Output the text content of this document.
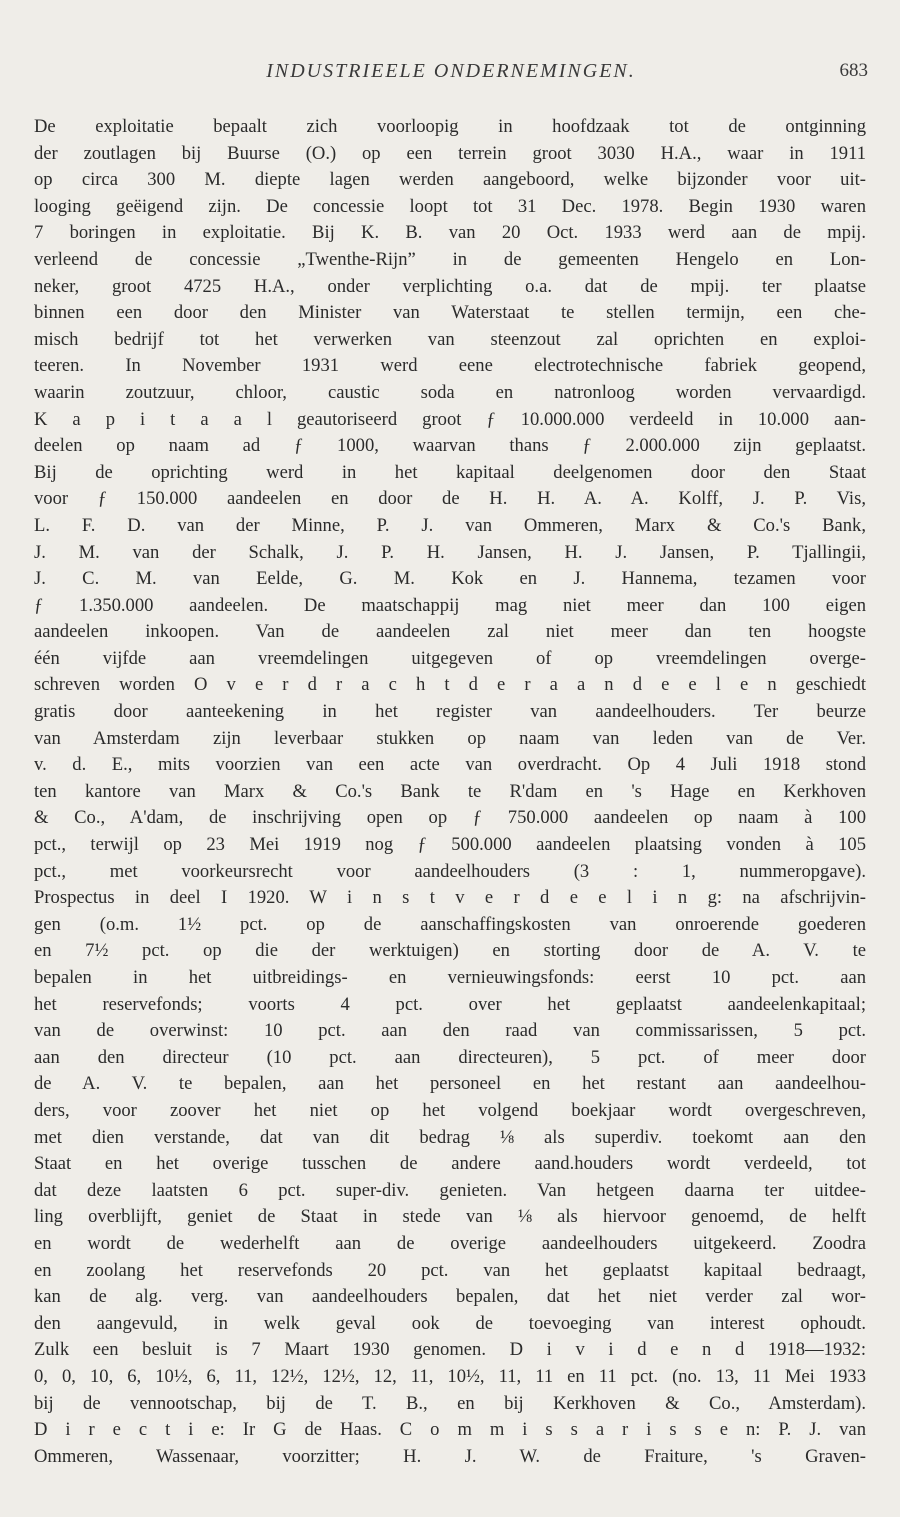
INDUSTRIEELE ONDERNEMINGEN.	683
De exploitatie bepaalt zich voorloopig in hoofdzaak tot de ontginning
der zoutlagen bij Buurse (O.) op een terrein groot 3030 H.A., waar in 1911
op circa 300 M. diepte lagen werden aangeboord, welke bijzonder voor uit-
looging geëigend zijn. De concessie loopt tot 31 Dec. 1978. Begin 1930 waren
7 boringen in exploitatie. Bij K. B. van 20 Oct. 1933 werd aan de mpij.
verleend de concessie „Twenthe-Rijn” in de gemeenten Hengelo en Lon-
neker, groot 4725 H.A., onder verplichting o.a. dat de mpij. ter plaatse
binnen een door den Minister van Waterstaat te stellen termijn, een che-
misch bedrijf tot het verwerken van steenzout zal oprichten en exploi-
teeren. In November 1931 werd eene electrotechnische fabriek geopend,
waarin zoutzuur, chloor, caustic soda en natronloog worden vervaardigd.
K a p i t a a l geautoriseerd groot ƒ 10.000.000 verdeeld in 10.000 aan-
deelen op naam ad ƒ 1000, waarvan thans ƒ 2.000.000 zijn geplaatst.
Bij de oprichting werd in het kapitaal deelgenomen door den Staat
voor ƒ 150.000 aandeelen en door de H. H. A. A. Kolff, J. P. Vis,
L. F. D. van der Minne, P. J. van Ommeren, Marx & Co.'s Bank,
J. M. van der Schalk, J. P. H. Jansen, H. J. Jansen, P. Tjallingii,
J. C. M. van Eelde, G. M. Kok en J. Hannema, tezamen voor
ƒ 1.350.000 aandeelen. De maatschappij mag niet meer dan 100 eigen
aandeelen inkoopen. Van de aandeelen zal niet meer dan ten hoogste
één vijfde aan vreemdelingen uitgegeven of op vreemdelingen overge-
schreven worden O v e r d r a c h t d e r a a n d e e l e n geschiedt
gratis door aanteekening in het register van aandeelhouders. Ter beurze
van Amsterdam zijn leverbaar stukken op naam van leden van de Ver.
v. d. E., mits voorzien van een acte van overdracht. Op 4 Juli 1918 stond
ten kantore van Marx & Co.'s Bank te R'dam en 's Hage en Kerkhoven
& Co., A'dam, de inschrijving open op ƒ 750.000 aandeelen op naam à 100
pct., terwijl op 23 Mei 1919 nog ƒ 500.000 aandeelen plaatsing vonden à 105
pct., met voorkeursrecht voor aandeelhouders (3 : 1, nummeropgave).
Prospectus in deel I 1920. W i n s t v e r d e e l i n g: na afschrijvin-
gen (o.m. 1½ pct. op de aanschaffingskosten van onroerende goederen
en 7½ pct. op die der werktuigen) en storting door de A. V. te
bepalen in het uitbreidings- en vernieuwingsfonds: eerst 10 pct. aan
het reservefonds; voorts 4 pct. over het geplaatst aandeelenkapitaal;
van de overwinst: 10 pct. aan den raad van commissarissen, 5 pct.
aan den directeur (10 pct. aan directeuren), 5 pct. of meer door
de A. V. te bepalen, aan het personeel en het restant aan aandeelhou-
ders, voor zoover het niet op het volgend boekjaar wordt overgeschreven,
met dien verstande, dat van dit bedrag ⅛ als superdiv. toekomt aan den
Staat en het overige tusschen de andere aand.houders wordt verdeeld, tot
dat deze laatsten 6 pct. super-div. genieten. Van hetgeen daarna ter uitdee-
ling overblijft, geniet de Staat in stede van ⅛ als hiervoor genoemd, de helft
en wordt de wederhelft aan de overige aandeelhouders uitgekeerd. Zoodra
en zoolang het reservefonds 20 pct. van het geplaatst kapitaal bedraagt,
kan de alg. verg. van aandeelhouders bepalen, dat het niet verder zal wor-
den aangevuld, in welk geval ook de toevoeging van interest ophoudt.
Zulk een besluit is 7 Maart 1930 genomen. D i v i d e n d 1918—1932:
0, 0, 10, 6, 10½, 6, 11, 12½, 12½, 12, 11, 10½, 11, 11 en 11 pct. (no. 13, 11 Mei 1933
bij de vennootschap, bij de T. B., en bij Kerkhoven & Co., Amsterdam).
D i r e c t i e: Ir G de Haas. C o m m i s s a r i s s e n: P. J. van
Ommeren, Wassenaar, voorzitter; H. J. W. de Fraiture, 's Graven-
